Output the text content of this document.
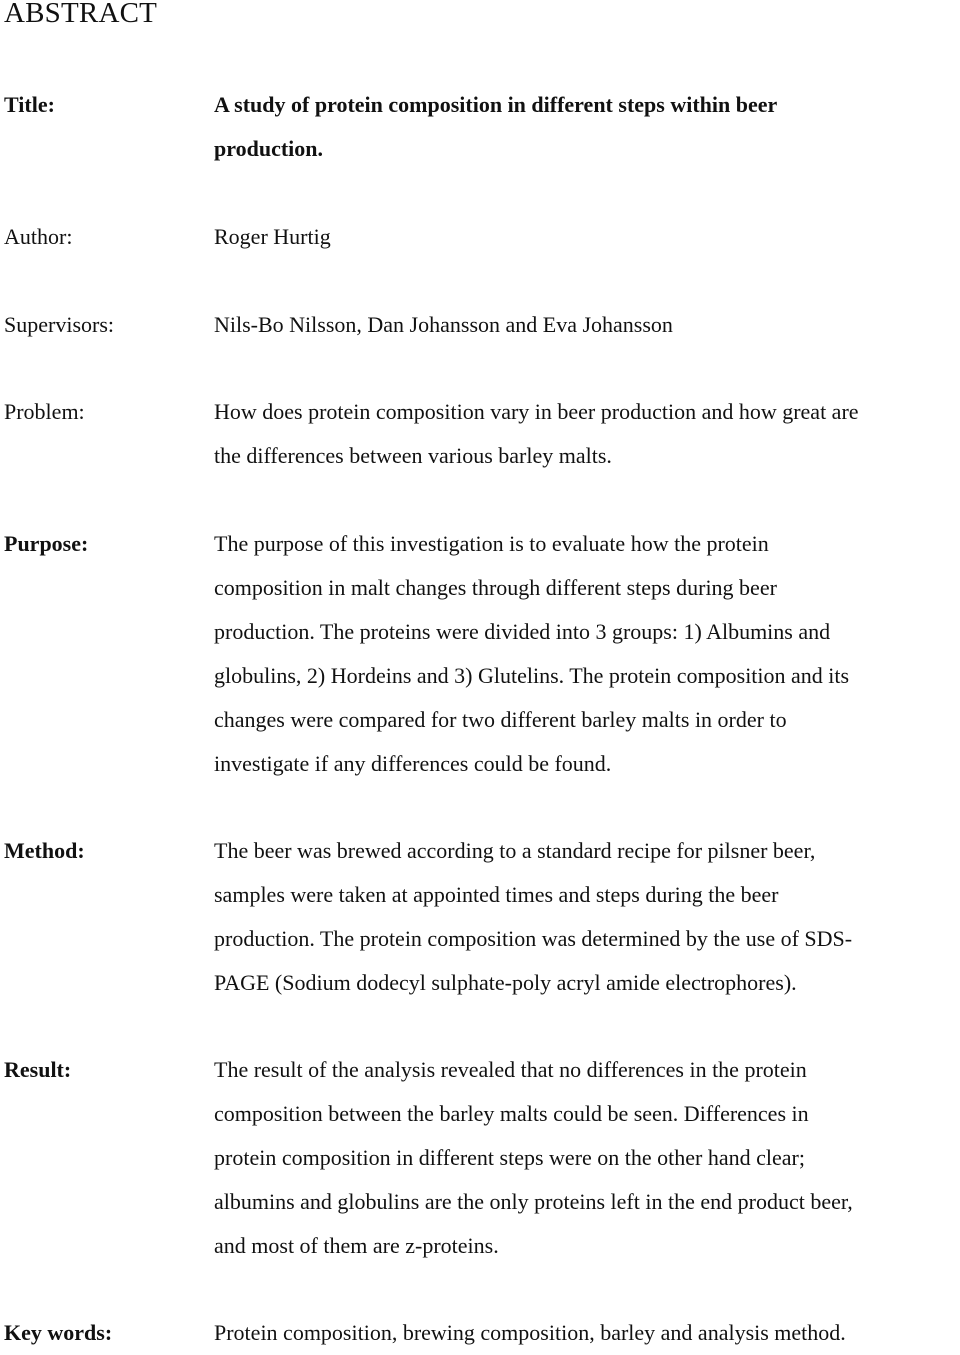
ABSTRACT
Title:	A study of protein composition in different steps within beer
production.
Author:	Roger Hurtig
Supervisors:	Nils-Bo Nilsson, Dan Johansson and Eva Johansson
Problem:	How does protein composition vary in beer production and how great are
the differences between various barley malts.
Purpose:	The purpose of this investigation is to evaluate how the protein
composition in malt changes through different steps during beer
production. The proteins were divided into 3 groups: 1) Albumins and
globulins, 2) Hordeins and 3) Glutelins. The protein composition and its
changes were compared for two different barley malts in order to
investigate if any differences could be found.
Method:	The beer was brewed according to a standard recipe for pilsner beer,
samples were taken at appointed times and steps during the beer
production. The protein composition was determined by the use of SDS-
PAGE (Sodium dodecyl sulphate-poly acryl amide electrophores).
Result:	The result of the analysis revealed that no differences in the protein
composition between the barley malts could be seen. Differences in
protein composition in different steps were on the other hand clear;
albumins and globulins are the only proteins left in the end product beer,
and most of them are z-proteins.
Key words:	Protein composition, brewing composition, barley and analysis method.
